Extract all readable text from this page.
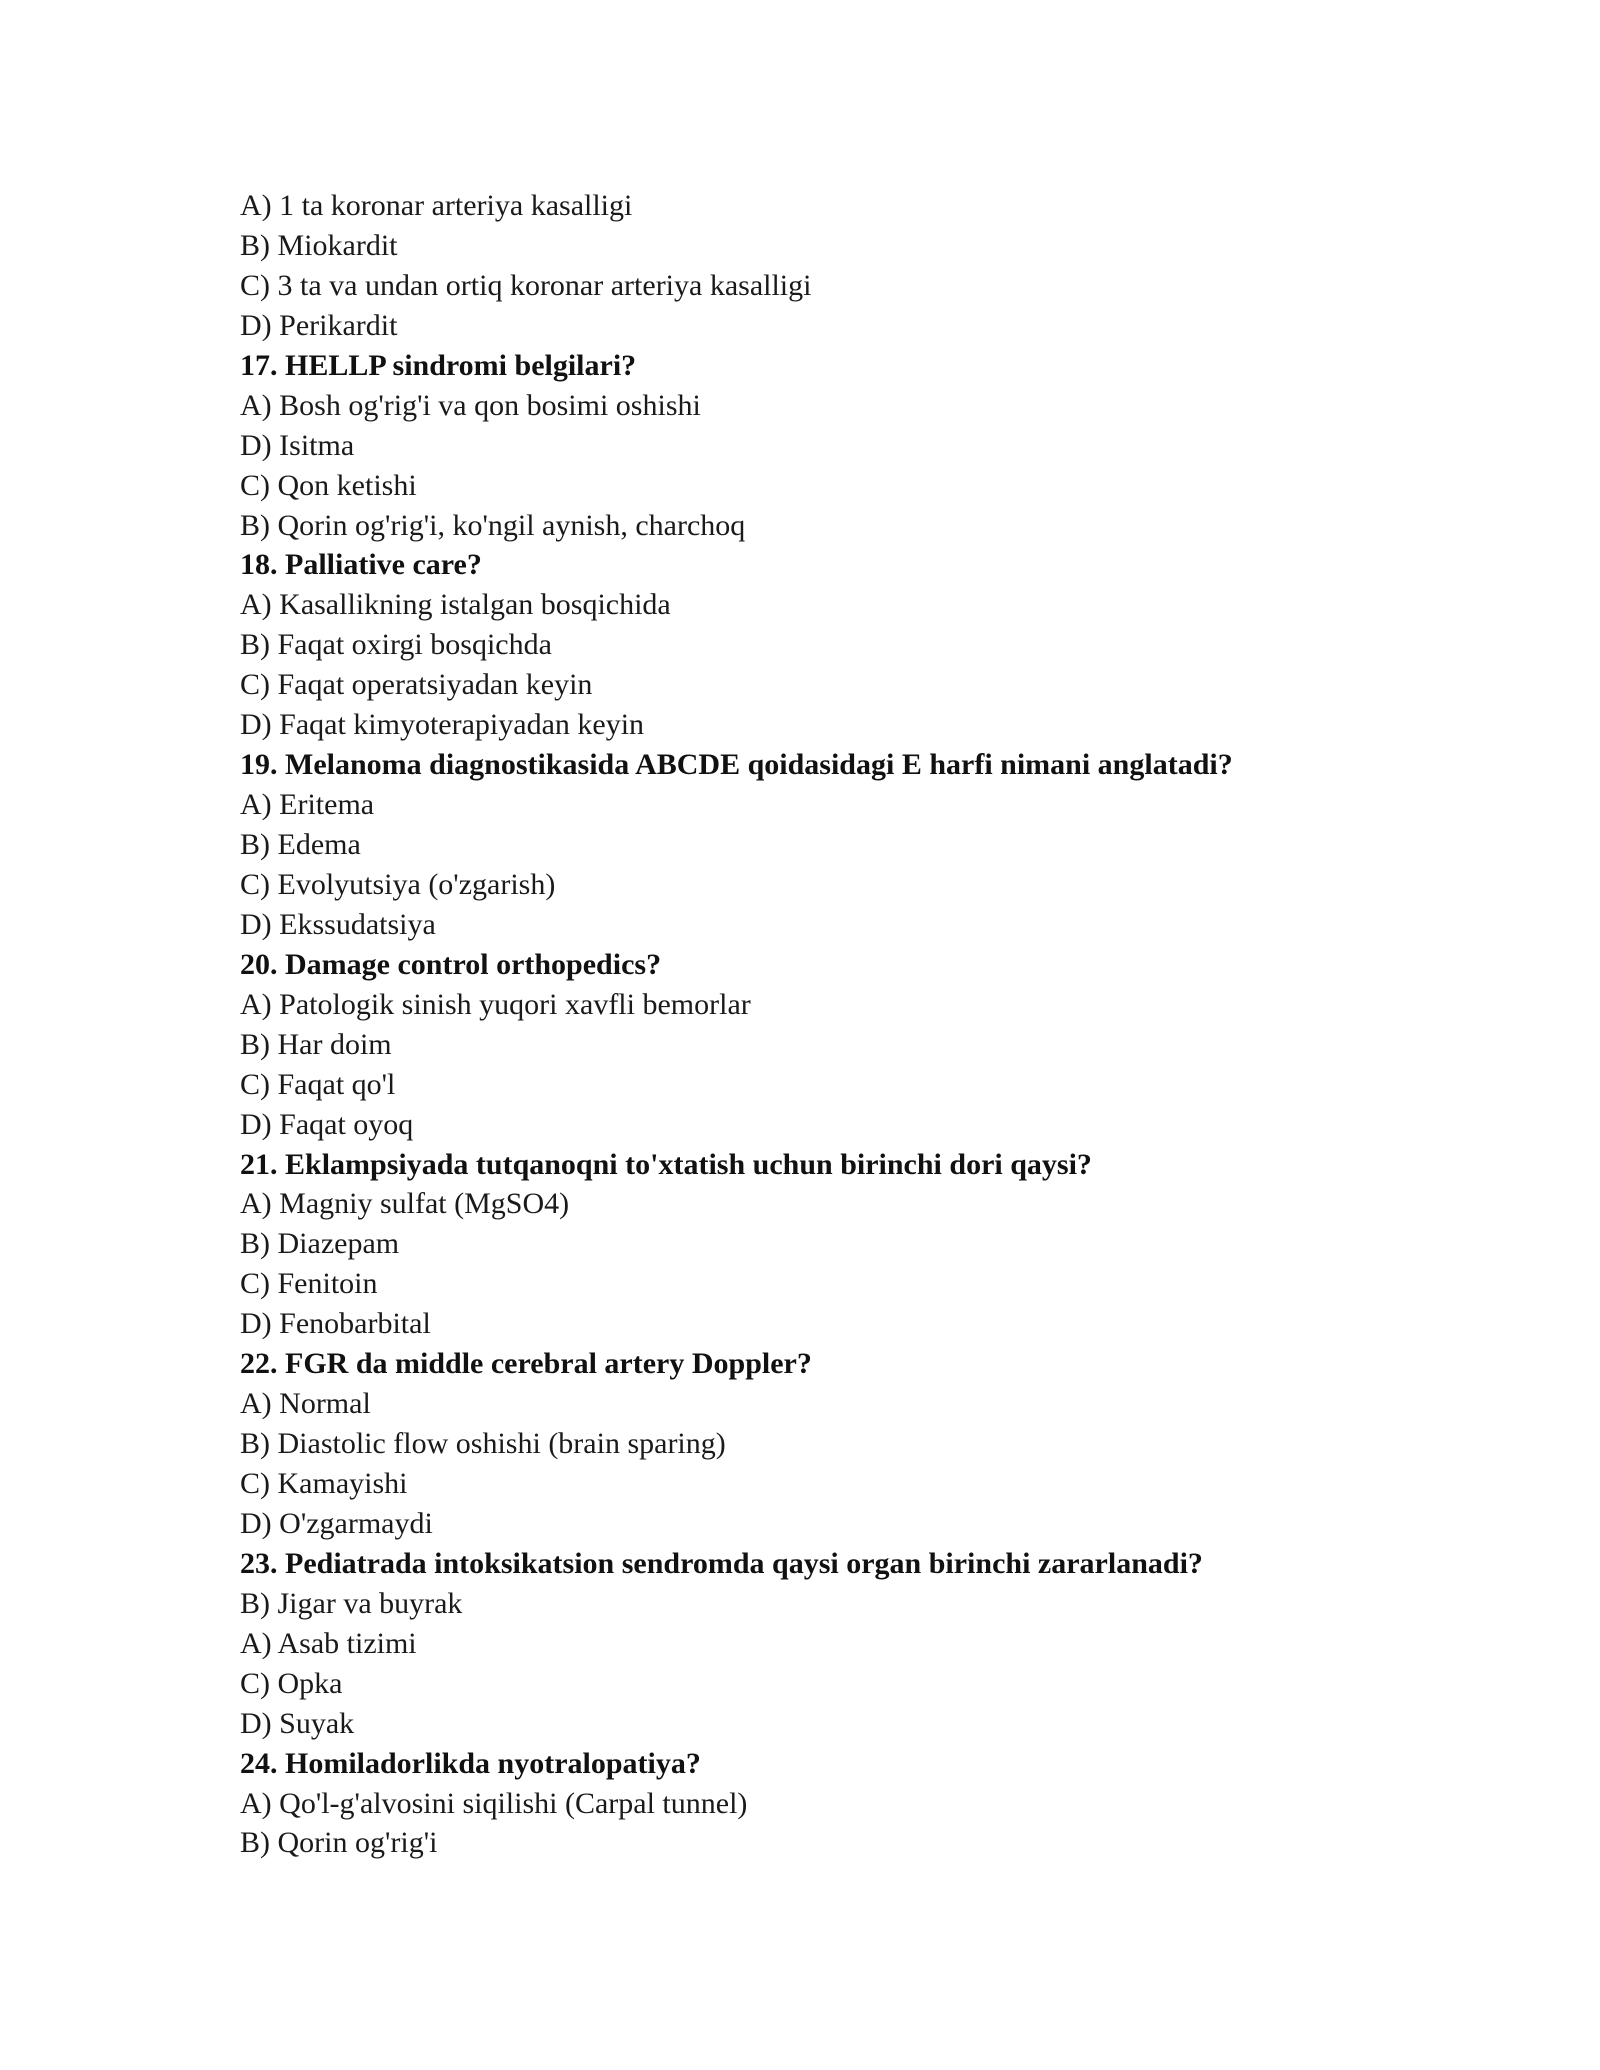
A) 1 ta koronar arteriya kasalligi
B) Miokardit
C) 3 ta va undan ortiq koronar arteriya kasalligi
D) Perikardit
17. HELLP sindromi belgilari?
A) Bosh og'rig'i va qon bosimi oshishi
D) Isitma
C) Qon ketishi
B) Qorin og'rig'i, ko'ngil aynish, charchoq
18. Palliative care?
A) Kasallikning istalgan bosqichida
B) Faqat oxirgi bosqichda
C) Faqat operatsiyadan keyin
D) Faqat kimyoterapiyadan keyin
19. Melanoma diagnostikasida ABCDE qoidasidagi E harfi nimani anglatadi?
A) Eritema
B) Edema
C) Evolyutsiya (o'zgarish)
D) Ekssudatsiya
20. Damage control orthopedics?
A) Patologik sinish yuqori xavfli bemorlar
B) Har doim
C) Faqat qo'l
D) Faqat oyoq
21. Eklampsiyada tutqanoqni to'xtatish uchun birinchi dori qaysi?
A) Magniy sulfat (MgSO4)
B) Diazepam
C) Fenitoin
D) Fenobarbital
22. FGR da middle cerebral artery Doppler?
A) Normal
B) Diastolic flow oshishi (brain sparing)
C) Kamayishi
D) O'zgarmaydi
23. Pediatrada intoksikatsion sendromda qaysi organ birinchi zararlanadi?
B) Jigar va buyrak
A) Asab tizimi
C) Opka
D) Suyak
24. Homiladorlikda nyotralopatiya?
A) Qo'l-g'alvosini siqilishi (Carpal tunnel)
B) Qorin og'rig'i
